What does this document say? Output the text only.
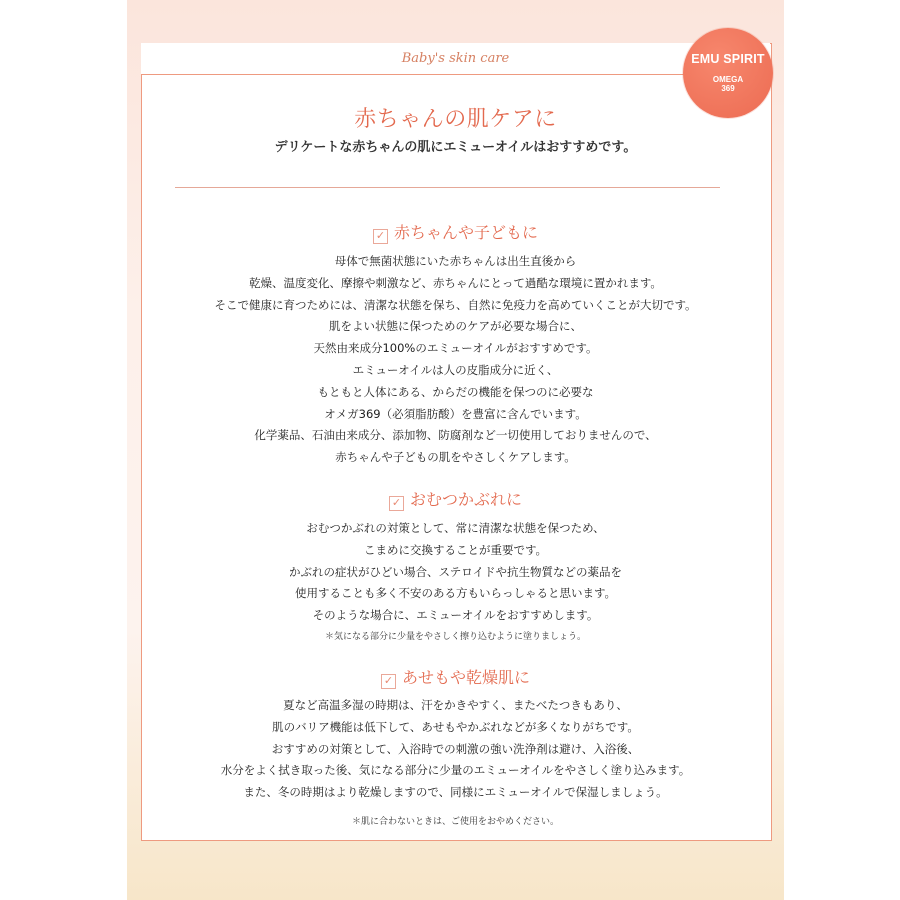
Baby's skin care	EMU SPIRIT
OMEGA
369
赤ちゃんの肌ケアに
デリケートな赤ちゃんの肌にエミューオイルはおすすめです。
✓ 赤ちゃんや子どもに
母体で無菌状態にいた赤ちゃんは出生直後から
乾燥、温度変化、摩擦や刺激など、赤ちゃんにとって過酷な環境に置かれます。
そこで健康に育つためには、清潔な状態を保ち、自然に免疫力を高めていくことが大切です。
肌をよい状態に保つためのケアが必要な場合に、
天然由来成分100%のエミューオイルがおすすめです。
エミューオイルは人の皮脂成分に近く、
もともと人体にある、からだの機能を保つのに必要な
オメガ369（必須脂肪酸）を豊富に含んでいます。
化学薬品、石油由来成分、添加物、防腐剤など一切使用しておりませんので、
赤ちゃんや子どもの肌をやさしくケアします。
✓ おむつかぶれに
おむつかぶれの対策として、常に清潔な状態を保つため、
こまめに交換することが重要です。
かぶれの症状がひどい場合、ステロイドや抗生物質などの薬品を
使用することも多く不安のある方もいらっしゃると思います。
そのような場合に、エミューオイルをおすすめします。
＊気になる部分に少量をやさしく擦り込むように塗りましょう。
✓ あせもや乾燥肌に
夏など高温多湿の時期は、汗をかきやすく、またべたつきもあり、
肌のバリア機能は低下して、あせもやかぶれなどが多くなりがちです。
おすすめの対策として、入浴時での刺激の強い洗浄剤は避け、入浴後、
水分をよく拭き取った後、気になる部分に少量のエミューオイルをやさしく塗り込みます。
また、冬の時期はより乾燥しますので、同様にエミューオイルで保湿しましょう。
＊肌に合わないときは、ご使用をおやめください。
